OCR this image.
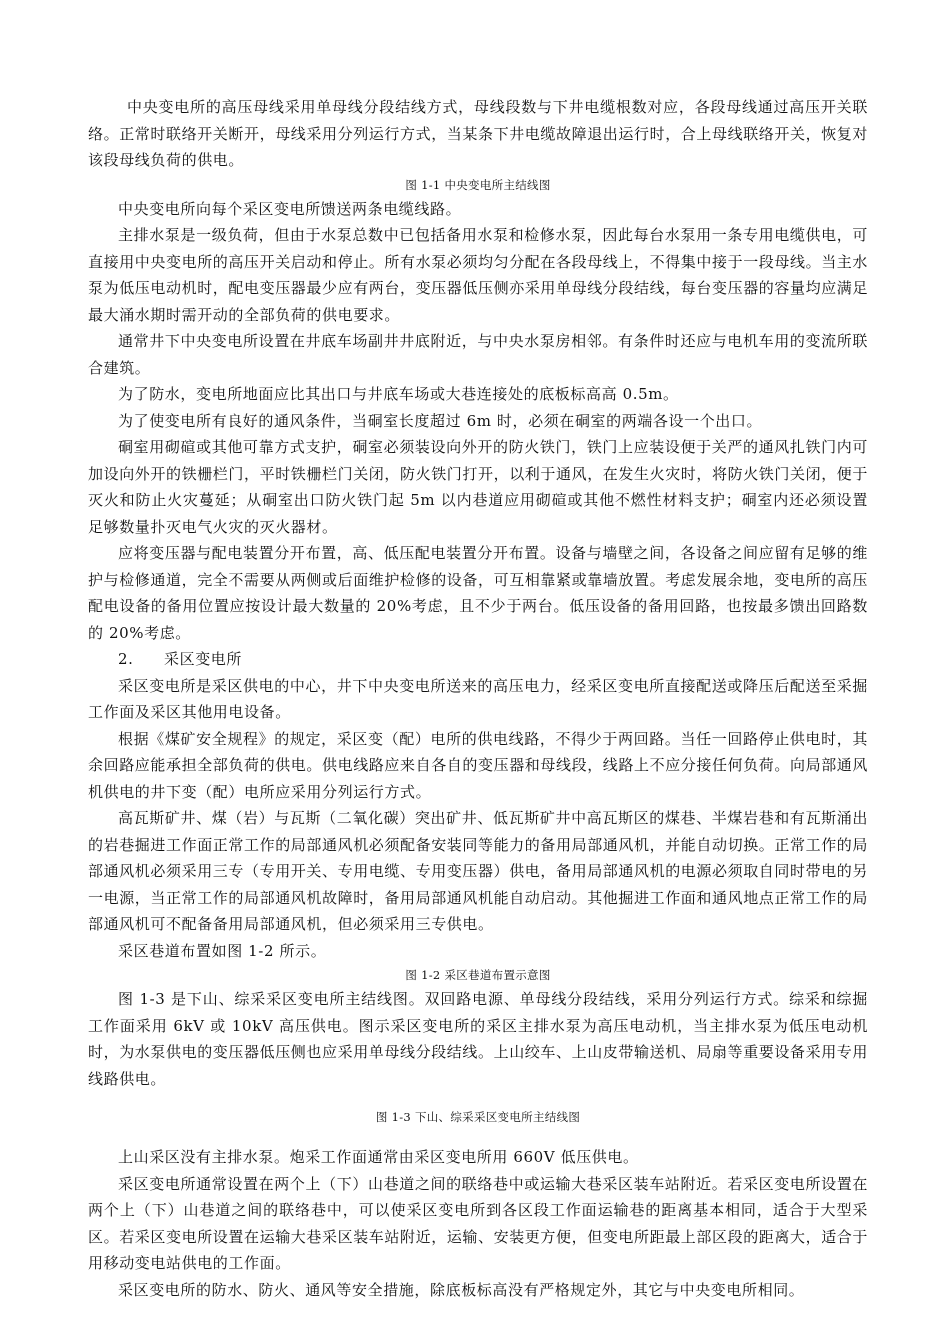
中央变电所的高压母线采用单母线分段结线方式，母线段数与下井电缆根数对应，各段母线通过高压开关联络。正常时联络开关断开，母线采用分列运行方式，当某条下井电缆故障退出运行时，合上母线联络开关，恢复对该段母线负荷的供电。

图 1-1 中央变电所主结线图

中央变电所向每个采区变电所馈送两条电缆线路。

主排水泵是一级负荷，但由于水泵总数中已包括备用水泵和检修水泵，因此每台水泵用一条专用电缆供电，可直接用中央变电所的高压开关启动和停止。所有水泵必须均匀分配在各段母线上，不得集中接于一段母线。当主水泵为低压电动机时，配电变压器最少应有两台，变压器低压侧亦采用单母线分段结线，每台变压器的容量均应满足最大涌水期时需开动的全部负荷的供电要求。

通常井下中央变电所设置在井底车场副井井底附近，与中央水泵房相邻。有条件时还应与电机车用的变流所联合建筑。

为了防水，变电所地面应比其出口与井底车场或大巷连接处的底板标高高 0.5m。

为了使变电所有良好的通风条件，当硐室长度超过 6m 时，必须在硐室的两端各设一个出口。

硐室用砌碹或其他可靠方式支护，硐室必须装设向外开的防火铁门，铁门上应装设便于关严的通风扎铁门内可加设向外开的铁栅栏门，平时铁栅栏门关闭，防火铁门打开，以利于通风，在发生火灾时，将防火铁门关闭，便于灭火和防止火灾蔓延；从硐室出口防火铁门起 5m 以内巷道应用砌碹或其他不燃性材料支护；硐室内还必须设置足够数量扑灭电气火灾的灭火器材。

应将变压器与配电装置分开布置，高、低压配电装置分开布置。设备与墙壁之间，各设备之间应留有足够的维护与检修通道，完全不需要从两侧或后面维护检修的设备，可互相靠紧或靠墙放置。考虑发展余地，变电所的高压配电设备的备用位置应按设计最大数量的 20%考虑，且不少于两台。低压设备的备用回路，也按最多馈出回路数的 20%考虑。

2. 采区变电所

采区变电所是采区供电的中心，井下中央变电所送来的高压电力，经采区变电所直接配送或降压后配送至采掘工作面及采区其他用电设备。

根据《煤矿安全规程》的规定，采区变（配）电所的供电线路，不得少于两回路。当任一回路停止供电时，其余回路应能承担全部负荷的供电。供电线路应来自各自的变压器和母线段，线路上不应分接任何负荷。向局部通风机供电的井下变（配）电所应采用分列运行方式。

高瓦斯矿井、煤（岩）与瓦斯（二氧化碳）突出矿井、低瓦斯矿井中高瓦斯区的煤巷、半煤岩巷和有瓦斯涌出的岩巷掘进工作面正常工作的局部通风机必须配备安装同等能力的备用局部通风机，并能自动切换。正常工作的局部通风机必须采用三专（专用开关、专用电缆、专用变压器）供电，备用局部通风机的电源必须取自同时带电的另一电源，当正常工作的局部通风机故障时，备用局部通风机能自动启动。其他掘进工作面和通风地点正常工作的局部通风机可不配备备用局部通风机，但必须采用三专供电。

采区巷道布置如图 1-2 所示。

图 1-2 采区巷道布置示意图

图 1-3 是下山、综采采区变电所主结线图。双回路电源、单母线分段结线，采用分列运行方式。综采和综掘工作面采用 6kV 或 10kV 高压供电。图示采区变电所的采区主排水泵为高压电动机，当主排水泵为低压电动机时，为水泵供电的变压器低压侧也应采用单母线分段结线。上山绞车、上山皮带输送机、局扇等重要设备采用专用线路供电。

图 1-3 下山、综采采区变电所主结线图

上山采区没有主排水泵。炮采工作面通常由采区变电所用 660V 低压供电。

采区变电所通常设置在两个上（下）山巷道之间的联络巷中或运输大巷采区装车站附近。若采区变电所设置在两个上（下）山巷道之间的联络巷中，可以使采区变电所到各区段工作面运输巷的距离基本相同，适合于大型采区。若采区变电所设置在运输大巷采区装车站附近，运输、安装更方便，但变电所距最上部区段的距离大，适合于用移动变电站供电的工作面。

采区变电所的防水、防火、通风等安全措施，除底板标高没有严格规定外，其它与中央变电所相同。
